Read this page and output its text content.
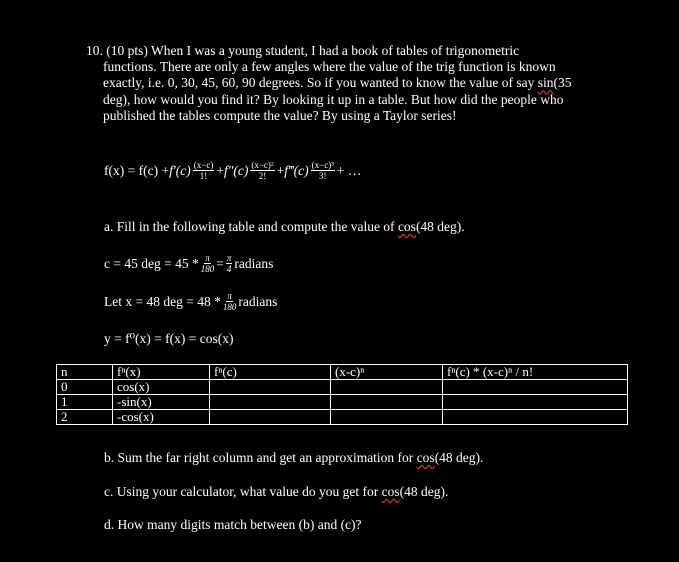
10. (10 pts) When I was a young student, I had a book of tables of trigonometric functions. There are only a few angles where the value of the trig function is known exactly, i.e. 0, 30, 45, 60, 90 degrees. So if you wanted to know the value of say sin(35 deg), how would you find it? By looking it up in a table. But how did the people who published the tables compute the value? By using a Taylor series!
$f(x) = f(c) + f'(c) \frac{(x-c)}{1!} + f''(c) \frac{\text{(x−c)²}}{2!}$ + f‴(c) $\frac{\text{(x−c)³}}{3!}$ + …
a. Fill in the following table and compute the value of cos(48 deg).
c = 45 deg = $45 * \frac{\pi}{180} = \frac{\pi}{4}$ radians
Let x = 48 deg = $48 * \frac{\pi}{180}$ radians
y = f⁰(x) = f(x) = cos(x)
n	fⁿ(x)	fⁿ(c)	(x-c)ⁿ	fⁿ(c) * (x-c)ⁿ / n!
0	cos(x)			
1	-sin(x)			
2	-cos(x)			
b. Sum the far right column and get an approximation for cos(48 deg).
c. Using your calculator, what value do you get for cos(48 deg).
d. How many digits match between (b) and (c)?
